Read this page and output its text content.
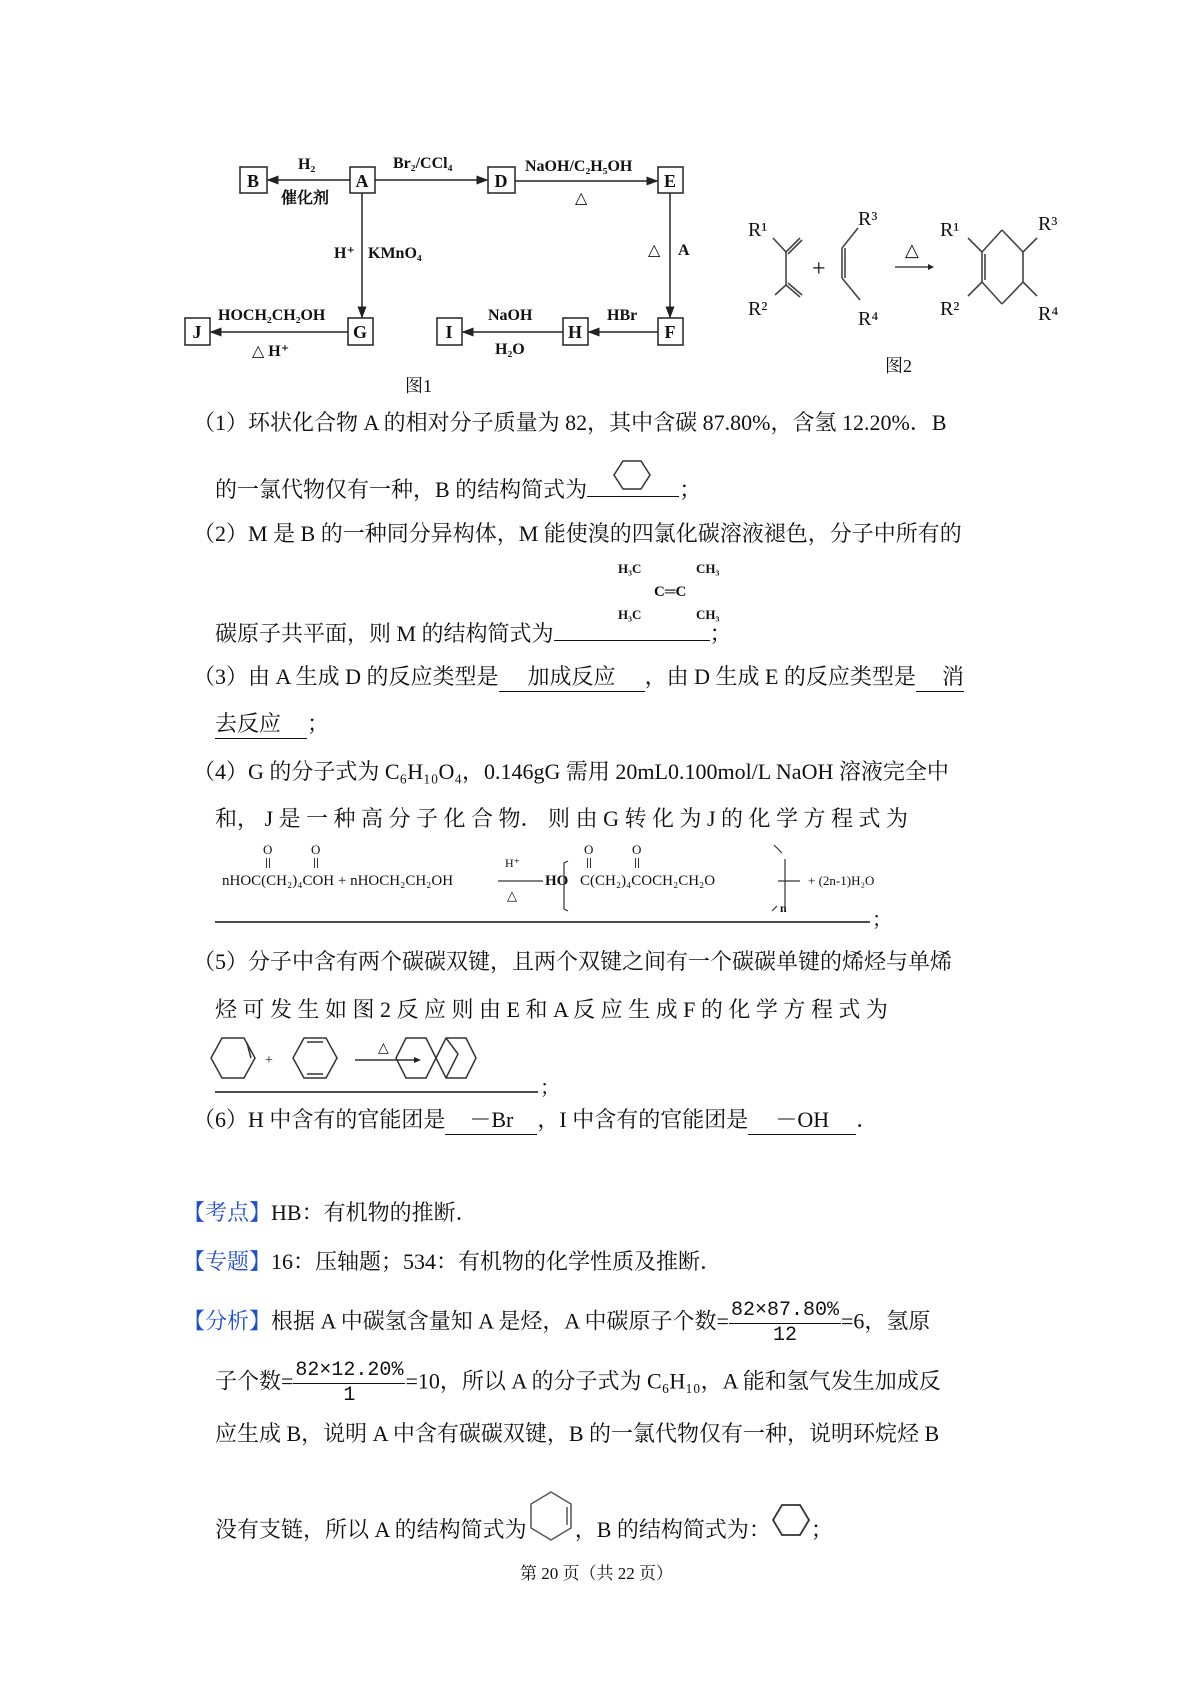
B	A	D	E
G
J	I	H	F
H₂
催化剂
Br₂/CCl₄	NaOH/C₂H₅OH
△
H⁺ KMnO₄	△ A
HOCH₂CH₂OH
△ H⁺
NaOH
H₂O
HBr
图1
R¹
R²
R³
R⁴
+
△
R¹
R²
R³
R⁴
图2
（1）环状化合物 A 的相对分子质量为 82，其中含碳 87.80%，含氢 12.20%．B
的一氯代物仅有一种，B 的结构简式为	；
（2）M 是 B 的一种同分异构体，M 能使溴的四氯化碳溶液褪色，分子中所有的
H₃C	CH₃
C═C
H₃C	CH₃
碳原子共平面，则 M 的结构简式为	；
（3）由 A 生成 D 的反应类型是 加成反应 ，由 D 生成 E 的反应类型是 消
去反应 ；
（4）G 的分子式为 C₆H₁₀O₄，0.146gG 需用 20mL0.100mol/L NaOH 溶液完全中
和， J 是 一 种 高 分 子 化 合 物． 则 由 G 转 化 为 J 的 化 学 方 程 式 为
O	O	O	O
nHOC(CH₂)₄COH + nHOCH₂CH₂OH
H⁺
△
HO C(CH₂)₄COCH₂CH₂O	+ (2n-1)H₂O
n
；
（5）分子中含有两个碳碳双键，且两个双键之间有一个碳碳单键的烯烃与单烯
烃 可 发 生 如 图 2 反 应 则 由 E 和 A 反 应 生 成 F 的 化 学 方 程 式 为
+
△
；
（6）H 中含有的官能团是 －Br ，I 中含有的官能团是 －OH ．
【考点】HB：有机物的推断．
【专题】16：压轴题；534：有机物的化学性质及推断．
【分析】根据 A 中碳氢含量知 A 是烃，A 中碳原子个数= $\frac{82\times 87.80\%}{12} =6$，氢原
子个数= $\frac{82\times 12.20\%}{1} =10$，所以 A 的分子式为 C₆H₁₀，A 能和氢气发生加成反
应生成 B，说明 A 中含有碳碳双键，B 的一氯代物仅有一种，说明环烷烃 B
没有支链，所以 A 的结构简式为 ，B 的结构简式为： ；
第 20 页（共 22 页）
